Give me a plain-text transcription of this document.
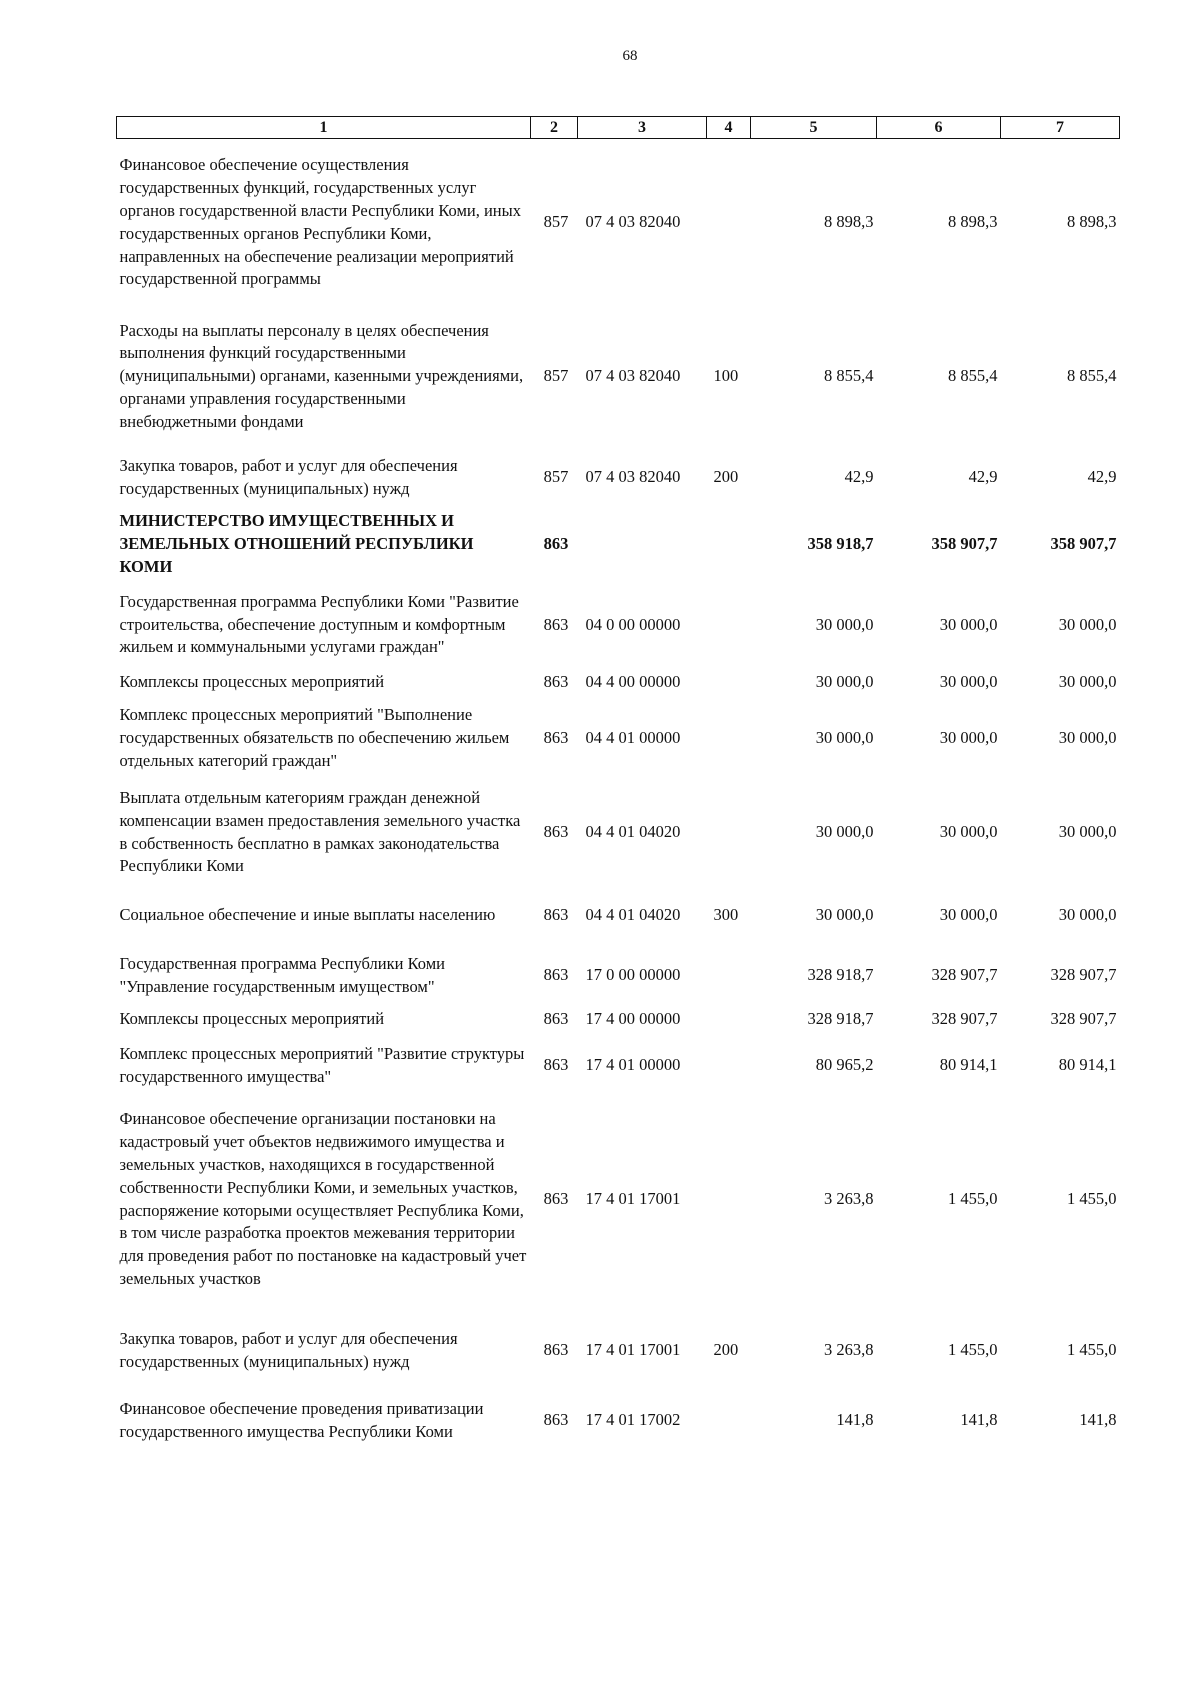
68
1	2	3	4	5	6	7
Финансовое обеспечение осуществления государственных функций, государственных услуг органов государственной власти Республики Коми, иных государственных органов Республики Коми, направленных на обеспечение реализации мероприятий государственной программы	857	07 4 03 82040		8 898,3	8 898,3	8 898,3
Расходы на выплаты персоналу в целях обеспечения выполнения функций государственными (муниципальными) органами, казенными учреждениями, органами управления государственными внебюджетными фондами	857	07 4 03 82040	100	8 855,4	8 855,4	8 855,4
Закупка товаров, работ и услуг для обеспечения государственных (муниципальных) нужд	857	07 4 03 82040	200	42,9	42,9	42,9
МИНИСТЕРСТВО ИМУЩЕСТВЕННЫХ И ЗЕМЕЛЬНЫХ ОТНОШЕНИЙ РЕСПУБЛИКИ КОМИ	863			358 918,7	358 907,7	358 907,7
Государственная программа Республики Коми "Развитие строительства, обеспечение доступным и комфортным жильем и коммунальными услугами граждан"	863	04 0 00 00000		30 000,0	30 000,0	30 000,0
Комплексы процессных мероприятий	863	04 4 00 00000		30 000,0	30 000,0	30 000,0
Комплекс процессных мероприятий "Выполнение государственных обязательств по обеспечению жильем отдельных категорий граждан"	863	04 4 01 00000		30 000,0	30 000,0	30 000,0
Выплата отдельным категориям граждан денежной компенсации взамен предоставления земельного участка в собственность бесплатно в рамках законодательства Республики Коми	863	04 4 01 04020		30 000,0	30 000,0	30 000,0
Социальное обеспечение и иные выплаты населению	863	04 4 01 04020	300	30 000,0	30 000,0	30 000,0
Государственная программа Республики Коми "Управление государственным имуществом"	863	17 0 00 00000		328 918,7	328 907,7	328 907,7
Комплексы процессных мероприятий	863	17 4 00 00000		328 918,7	328 907,7	328 907,7
Комплекс процессных мероприятий "Развитие структуры государственного имущества"	863	17 4 01 00000		80 965,2	80 914,1	80 914,1
Финансовое обеспечение организации постановки на кадастровый учет объектов недвижимого имущества и земельных участков, находящихся в государственной собственности Республики Коми, и земельных участков, распоряжение которыми осуществляет Республика Коми, в том числе разработка проектов межевания территории для проведения работ по постановке на кадастровый учет земельных участков	863	17 4 01 17001		3 263,8	1 455,0	1 455,0
Закупка товаров, работ и услуг для обеспечения государственных (муниципальных) нужд	863	17 4 01 17001	200	3 263,8	1 455,0	1 455,0
Финансовое обеспечение проведения приватизации государственного имущества Республики Коми	863	17 4 01 17002		141,8	141,8	141,8
